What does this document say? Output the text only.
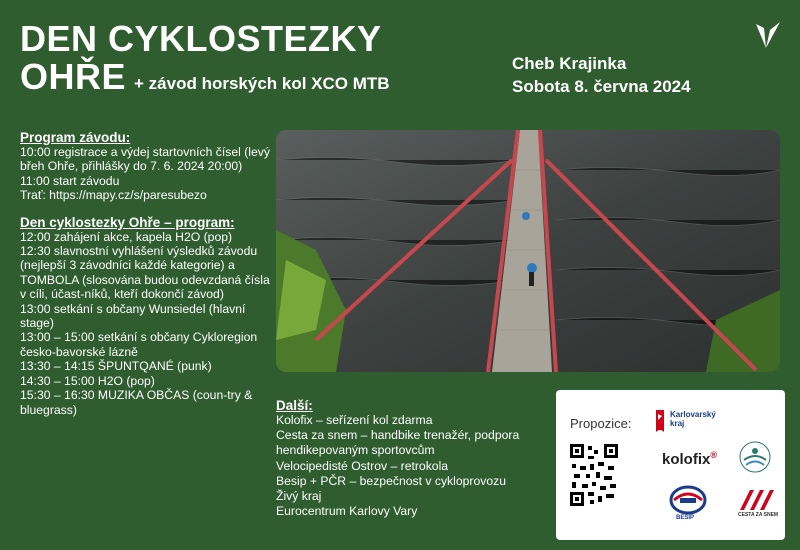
DEN CYKLOSTEZKY
OHŘE + závod horských kol XCO MTB
Cheb Krajinka
Sobota 8. června 2024
Program závodu:

10:00 registrace a výdej startovních čísel (levý břeh Ohře, přihlášky do 7. 6. 2024 20:00)

11:00 start závodu

Trať: https://mapy.cz/s/paresubezo

Den cyklostezky Ohře – program:

12:00 zahájení akce, kapela H2O (pop)

12:30 slavnostní vyhlášení výsledků závodu (nejlepší 3 závodníci každé kategorie) a TOMBOLA (slosována budou odevzdaná čísla v cíli, účast-níků, kteří dokončí závod)

13:00 setkání s občany Wunsiedel (hlavní stage)

13:00 – 15:00 setkání s občany Cykloregion česko-bavorské lázně

13:30 – 14:15 ŠPUNTQANÉ (punk)

14:30 – 15:00 H2O (pop)

15:30 – 16:30 MUZIKA OBČAS (coun-try & bluegrass)	Další:

Kolofix – seřízení kol zdarma

Cesta za snem – handbike trenažér, podpora hendikepovaným sportovcům

Velocipedisté Ostrov – retrokola

Besip + PČR – bezpečnost v cykloprovozu

Živý kraj

Eurocentrum Karlovy Vary

Propozice:
Karlovarský kraj
kolofix®
BESIP	CESTA ZA SNEM
